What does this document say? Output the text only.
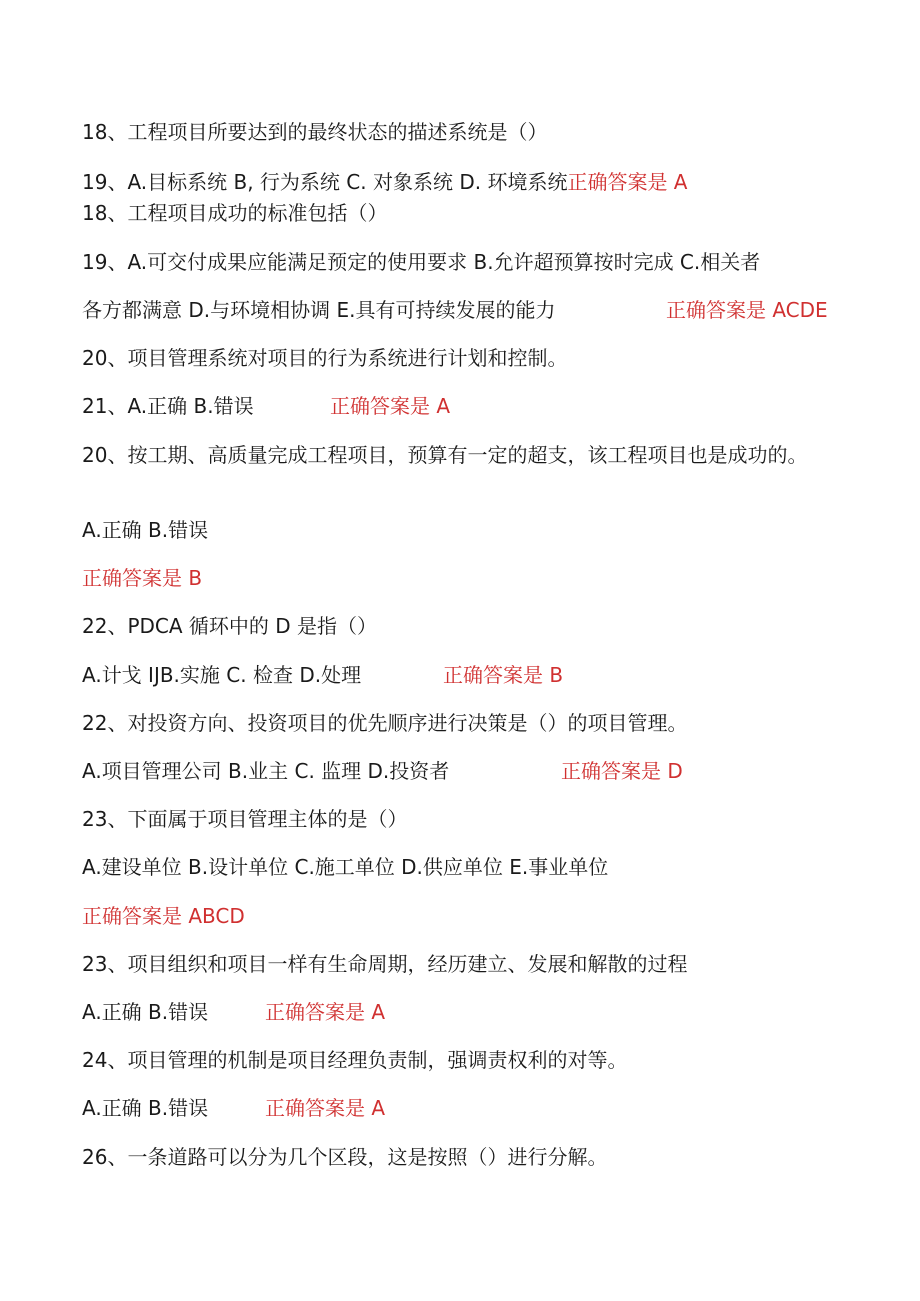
18、工程项目所要达到的最终状态的描述系统是（）
19、A.目标系统 B, 行为系统 C. 对象系统 D. 环境系统正确答案是 A
18、工程项目成功的标准包括（）
19、A.可交付成果应能满足预定的使用要求 B.允许超预算按时完成 C.相关者
各方都满意 D.与环境相协调 E.具有可持续发展的能力	正确答案是 ACDE
20、项目管理系统对项目的行为系统进行计划和控制。
21、A.正确 B.错误	正确答案是 A
20、按工期、高质量完成工程项目，预算有一定的超支，该工程项目也是成功的。
A.正确 B.错误
正确答案是 B
22、PDCA 循环中的 D 是指（）
A.计戈 IJB.实施 C. 检查 D.处理	正确答案是 B
22、对投资方向、投资项目的优先顺序进行决策是（）的项目管理。
A.项目管理公司 B.业主 C. 监理 D.投资者	正确答案是 D
23、下面属于项目管理主体的是（）
A.建设单位 B.设计单位 C.施工单位 D.供应单位 E.事业单位
正确答案是 ABCD
23、项目组织和项目一样有生命周期，经历建立、发展和解散的过程
A.正确 B.错误	正确答案是 A
24、项目管理的机制是项目经理负责制，强调责权利的对等。
A.正确 B.错误	正确答案是 A
26、一条道路可以分为几个区段，这是按照（）进行分解。
